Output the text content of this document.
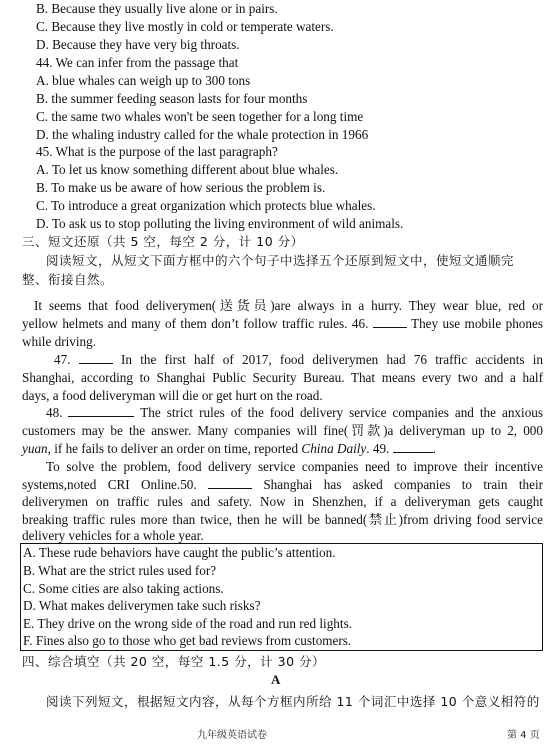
B. Because they usually live alone or in pairs.
C. Because they live mostly in cold or temperate waters.
D. Because they have very big throats.
44. We can infer from the passage that
A. blue whales can weigh up to 300 tons
B. the summer feeding season lasts for four months
C. the same two whales won't be seen together for a long time
D. the whaling industry called for the whale protection in 1966
45. What is the purpose of the last paragraph?
A. To let us know something different about blue whales.
B. To make us be aware of how serious the problem is.
C. To introduce a great organization which protects blue whales.
D. To ask us to stop polluting the living environment of wild animals.
三、短文还原（共 5 空，每空 2 分，计 10 分）
阅读短文，从短文下面方框中的六个句子中选择五个还原到短文中，使短文通顺完
整、衔接自然。
It seems that food deliverymen(送货员)are always in a hurry. They wear blue, red or
yellow helmets and many of them don’t follow traffic rules. 46.	They use mobile phones
while driving.
47.	In the first half of 2017, food deliverymen had 76 traffic accidents in
Shanghai, according to Shanghai Public Security Bureau. That means every two and a half
days, a food deliveryman will die or get hurt on the road.
48.	The strict rules of the food delivery service companies and the anxious
customers may be the answer. Many companies will fine(罚款)a deliveryman up to 2, 000
yuan, if he fails to deliver an order on time, reported China Daily. 49.	.
To solve the problem, food delivery service companies need to improve their incentive
systems,noted CRI Online.50.	Shanghai has asked companies to train their
deliverymen on traffic rules and safety. Now in Shenzhen, if a deliveryman gets caught
breaking traffic rules more than twice, then he will be banned(禁止)from driving food service
delivery vehicles for a whole year.
A. These rude behaviors have caught the public’s attention.
B. What are the strict rules used for?
C. Some cities are also taking actions.
D. What makes deliverymen take such risks?
E. They drive on the wrong side of the road and run red lights.
F. Fines also go to those who get bad reviews from customers.
四、综合填空（共 20 空，每空 1.5 分，计 30 分）
A
阅读下列短文，根据短文内容，从每个方框内所给 11 个词汇中选择 10 个意义相符的
九年级英语试卷	第 4 页
